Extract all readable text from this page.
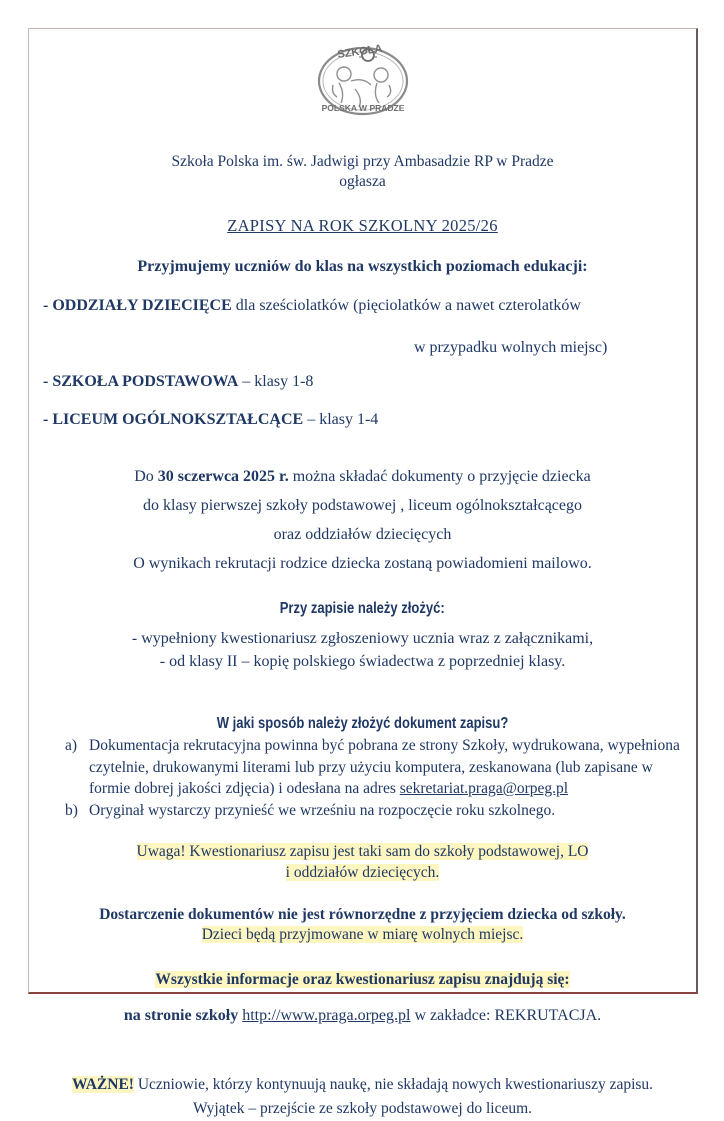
SZKOŁA
POLSKA W PRADZE
Szkoła Polska im. św. Jadwigi przy Ambasadzie RP w Pradze
ogłasza
ZAPISY NA ROK SZKOLNY 2025/26
Przyjmujemy uczniów do klas na wszystkich poziomach edukacji:
- ODDZIAŁY DZIECIĘCE dla sześciolatków (pięciolatków a nawet czterolatków
w przypadku wolnych miejsc)
- SZKOŁA PODSTAWOWA – klasy 1-8
- LICEUM OGÓLNOKSZTAŁCĄCE – klasy 1-4
Do 30 sczerwca 2025 r. można składać dokumenty o przyjęcie dziecka
do klasy pierwszej szkoły podstawowej , liceum ogólnokształcącego
oraz oddziałów dziecięcych
O wynikach rekrutacji rodzice dziecka zostaną powiadomieni mailowo.
Przy zapisie należy złożyć:
- wypełniony kwestionariusz zgłoszeniowy ucznia wraz z załącznikami,
- od klasy II – kopię polskiego świadectwa z poprzedniej klasy.
W jaki sposób należy złożyć dokument zapisu?
a) Dokumentacja rekrutacyjna powinna być pobrana ze strony Szkoły, wydrukowana, wypełniona czytelnie, drukowanymi literami lub przy użyciu komputera, zeskanowana (lub zapisane w formie dobrej jakości zdjęcia) i odesłana na adres sekretariat.praga@orpeg.pl
b) Oryginał wystarczy przynieść we wrześniu na rozpoczęcie roku szkolnego.
Uwaga! Kwestionariusz zapisu jest taki sam do szkoły podstawowej, LO
i oddziałów dziecięcych.
Dostarczenie dokumentów nie jest równorzędne z przyjęciem dziecka od szkoły.
Dzieci będą przyjmowane w miarę wolnych miejsc.
Wszystkie informacje oraz kwestionariusz zapisu znajdują się:
na stronie szkoły http://www.praga.orpeg.pl w zakładce: REKRUTACJA.
WAŻNE! Uczniowie, którzy kontynuują naukę, nie składają nowych kwestionariuszy zapisu.
Wyjątek – przejście ze szkoły podstawowej do liceum.
